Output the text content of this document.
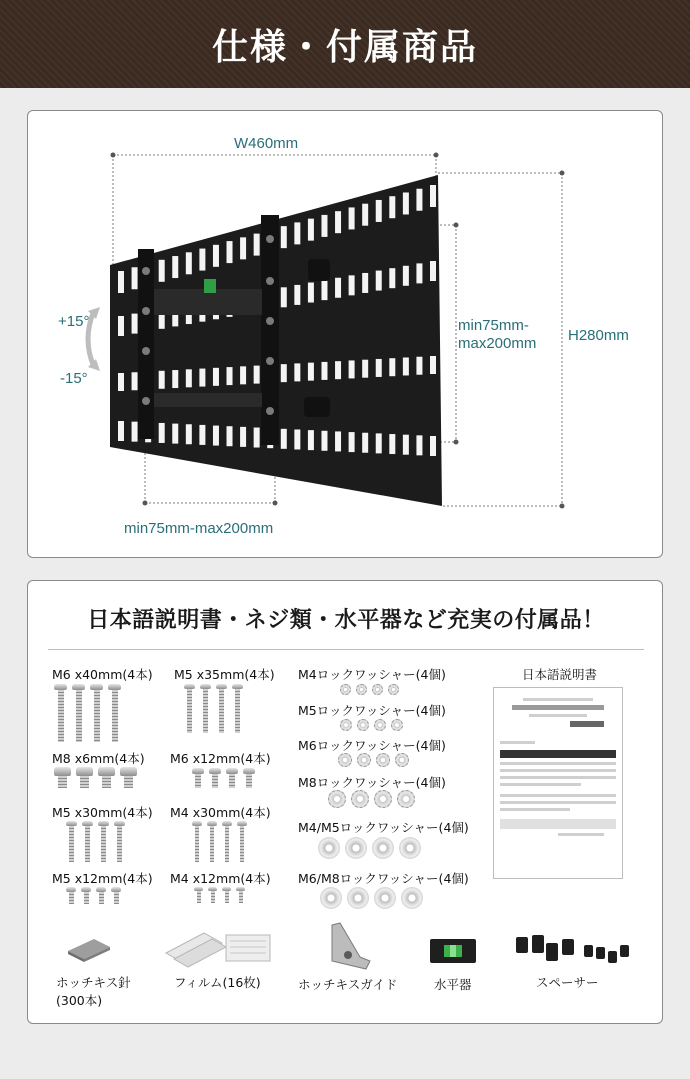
仕様・付属商品
W460mm
H280mm
min75mm-
max200mm
min75mm-max200mm
+15°
-15°
日本語説明書・ネジ類・水平器など充実の付属品！
M6 x40mm(4本) M5 x35mm(4本)
M8 x6mm(4本) M6 x12mm(4本)
M5 x30mm(4本) M4 x30mm(4本)
M5 x12mm(4本) M4 x12mm(4本)
M4ロックワッシャー(4個)
M5ロックワッシャー(4個)
M6ロックワッシャー(4個)
M8ロックワッシャー(4個)
M4/M5ロックワッシャー(4個)
M6/M8ロックワッシャー(4個)
日本語説明書
ホッチキス針
(300本)
フィルム(16枚)	ホッチキスガイド	水平器	スペーサー
